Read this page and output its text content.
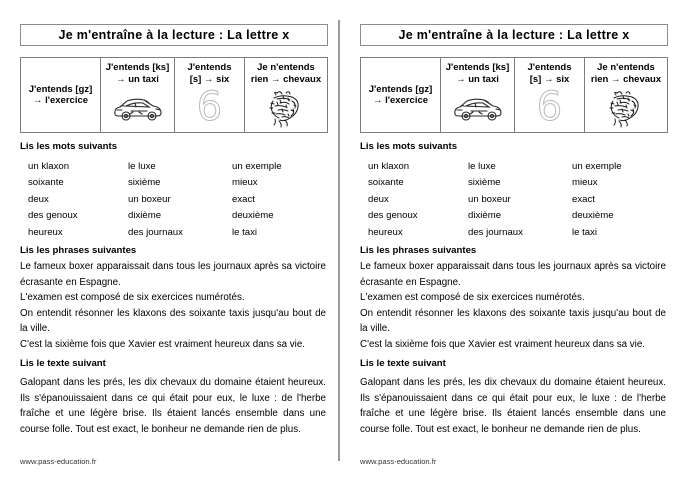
Je m'entraîne à la lecture : La lettre x
J'entends [gz]
→ l'exercice
J'entends [ks]
→ un taxi
J'entends
[s] → six
6
Je n'entends
rien → chevaux
Lis les mots suivants
un klaxon	le luxe	un exemple
soixante	sixième	mieux
deux	un boxeur	exact
des genoux	dixième	deuxième
heureux	des journaux	le taxi
Lis les phrases suivantes

Le fameux boxer apparaissait dans tous les journaux après sa victoire écrasante en Espagne.

L'examen est composé de six exercices numérotés.

On entendit résonner les klaxons des soixante taxis jusqu'au bout de la ville.

C'est la sixième fois que Xavier est vraiment heureux dans sa vie.

Lis le texte suivant

Galopant dans les prés, les dix chevaux du domaine étaient heureux. Ils s'épanouissaient dans ce qui était pour eux, le luxe : de l'herbe fraîche et une légère brise. Ils étaient lancés ensemble dans une course folle. Tout est exact, le bonheur ne demande rien de plus.

www.pass-education.fr
Je m'entraîne à la lecture : La lettre x
J'entends [gz]
→ l'exercice
J'entends [ks]
→ un taxi
J'entends
[s] → six
6
Je n'entends
rien → chevaux
Lis les mots suivants
un klaxon	le luxe	un exemple
soixante	sixième	mieux
deux	un boxeur	exact
des genoux	dixième	deuxième
heureux	des journaux	le taxi
Lis les phrases suivantes

Le fameux boxer apparaissait dans tous les journaux après sa victoire écrasante en Espagne.

L'examen est composé de six exercices numérotés.

On entendit résonner les klaxons des soixante taxis jusqu'au bout de la ville.

C'est la sixième fois que Xavier est vraiment heureux dans sa vie.

Lis le texte suivant

Galopant dans les prés, les dix chevaux du domaine étaient heureux. Ils s'épanouissaient dans ce qui était pour eux, le luxe : de l'herbe fraîche et une légère brise. Ils étaient lancés ensemble dans une course folle. Tout est exact, le bonheur ne demande rien de plus.

www.pass-education.fr
